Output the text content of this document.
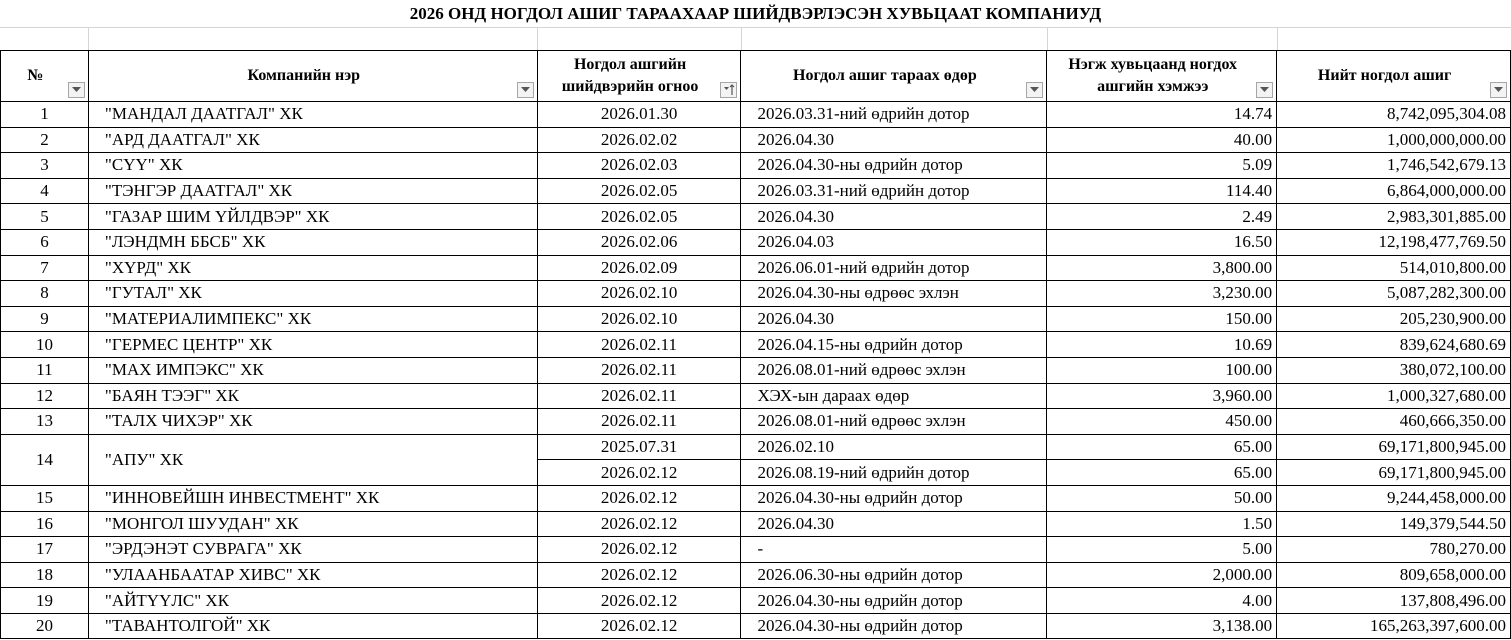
2026 ОНД НОГДОЛ АШИГ ТАРААХААР ШИЙДВЭРЛЭСЭН ХУВЬЦААТ КОМПАНИУД
№	Компанийн нэр	Ногдол ашгийн шийдвэрийн огноо	Ногдол ашиг тараах өдөр	Нэгж хувьцаанд ногдох ашгийн хэмжээ	Нийт ногдол ашиг

1	"МАНДАЛ ДААТГАЛ" ХК	2026.01.30	2026.03.31-ний өдрийн дотор	14.74	8,742,095,304.08
2	"АРД ДААТГАЛ" ХК	2026.02.02	2026.04.30	40.00	1,000,000,000.00
3	"СҮҮ" ХК	2026.02.03	2026.04.30-ны өдрийн дотор	5.09	1,746,542,679.13
4	"ТЭНГЭР ДААТГАЛ" ХК	2026.02.05	2026.03.31-ний өдрийн дотор	114.40	6,864,000,000.00
5	"ГАЗАР ШИМ ҮЙЛДВЭР" ХК	2026.02.05	2026.04.30	2.49	2,983,301,885.00
6	"ЛЭНДМН ББСБ" ХК	2026.02.06	2026.04.03	16.50	12,198,477,769.50
7	"ХҮРД" ХК	2026.02.09	2026.06.01-ний өдрийн дотор	3,800.00	514,010,800.00
8	"ГУТАЛ" ХК	2026.02.10	2026.04.30-ны өдрөөс эхлэн	3,230.00	5,087,282,300.00
9	"МАТЕРИАЛИМПЕКС" ХК	2026.02.10	2026.04.30	150.00	205,230,900.00
10	"ГЕРМЕС ЦЕНТР" ХК	2026.02.11	2026.04.15-ны өдрийн дотор	10.69	839,624,680.69
11	"МАХ ИМПЭКС" ХК	2026.02.11	2026.08.01-ний өдрөөс эхлэн	100.00	380,072,100.00
12	"БАЯН ТЭЭГ" ХК	2026.02.11	ХЭХ-ын дараах өдөр	3,960.00	1,000,327,680.00
13	"ТАЛХ ЧИХЭР" ХК	2026.02.11	2026.08.01-ний өдрөөс эхлэн	450.00	460,666,350.00
14	"АПУ" ХК	2025.07.31	2026.02.10	65.00	69,171,800,945.00
		2026.02.12	2026.08.19-ний өдрийн дотор	65.00	69,171,800,945.00
15	"ИННОВЕЙШН ИНВЕСТМЕНТ" ХК	2026.02.12	2026.04.30-ны өдрийн дотор	50.00	9,244,458,000.00
16	"МОНГОЛ ШУУДАН" ХК	2026.02.12	2026.04.30	1.50	149,379,544.50
17	"ЭРДЭНЭТ СУВРАГА" ХК	2026.02.12	-	5.00	780,270.00
18	"УЛААНБААТАР ХИВС" ХК	2026.02.12	2026.06.30-ны өдрийн дотор	2,000.00	809,658,000.00
19	"АЙТҮҮЛС" ХК	2026.02.12	2026.04.30-ны өдрийн дотор	4.00	137,808,496.00
20	"ТАВАНТОЛГОЙ" ХК	2026.02.12	2026.04.30-ны өдрийн дотор	3,138.00	165,263,397,600.00
